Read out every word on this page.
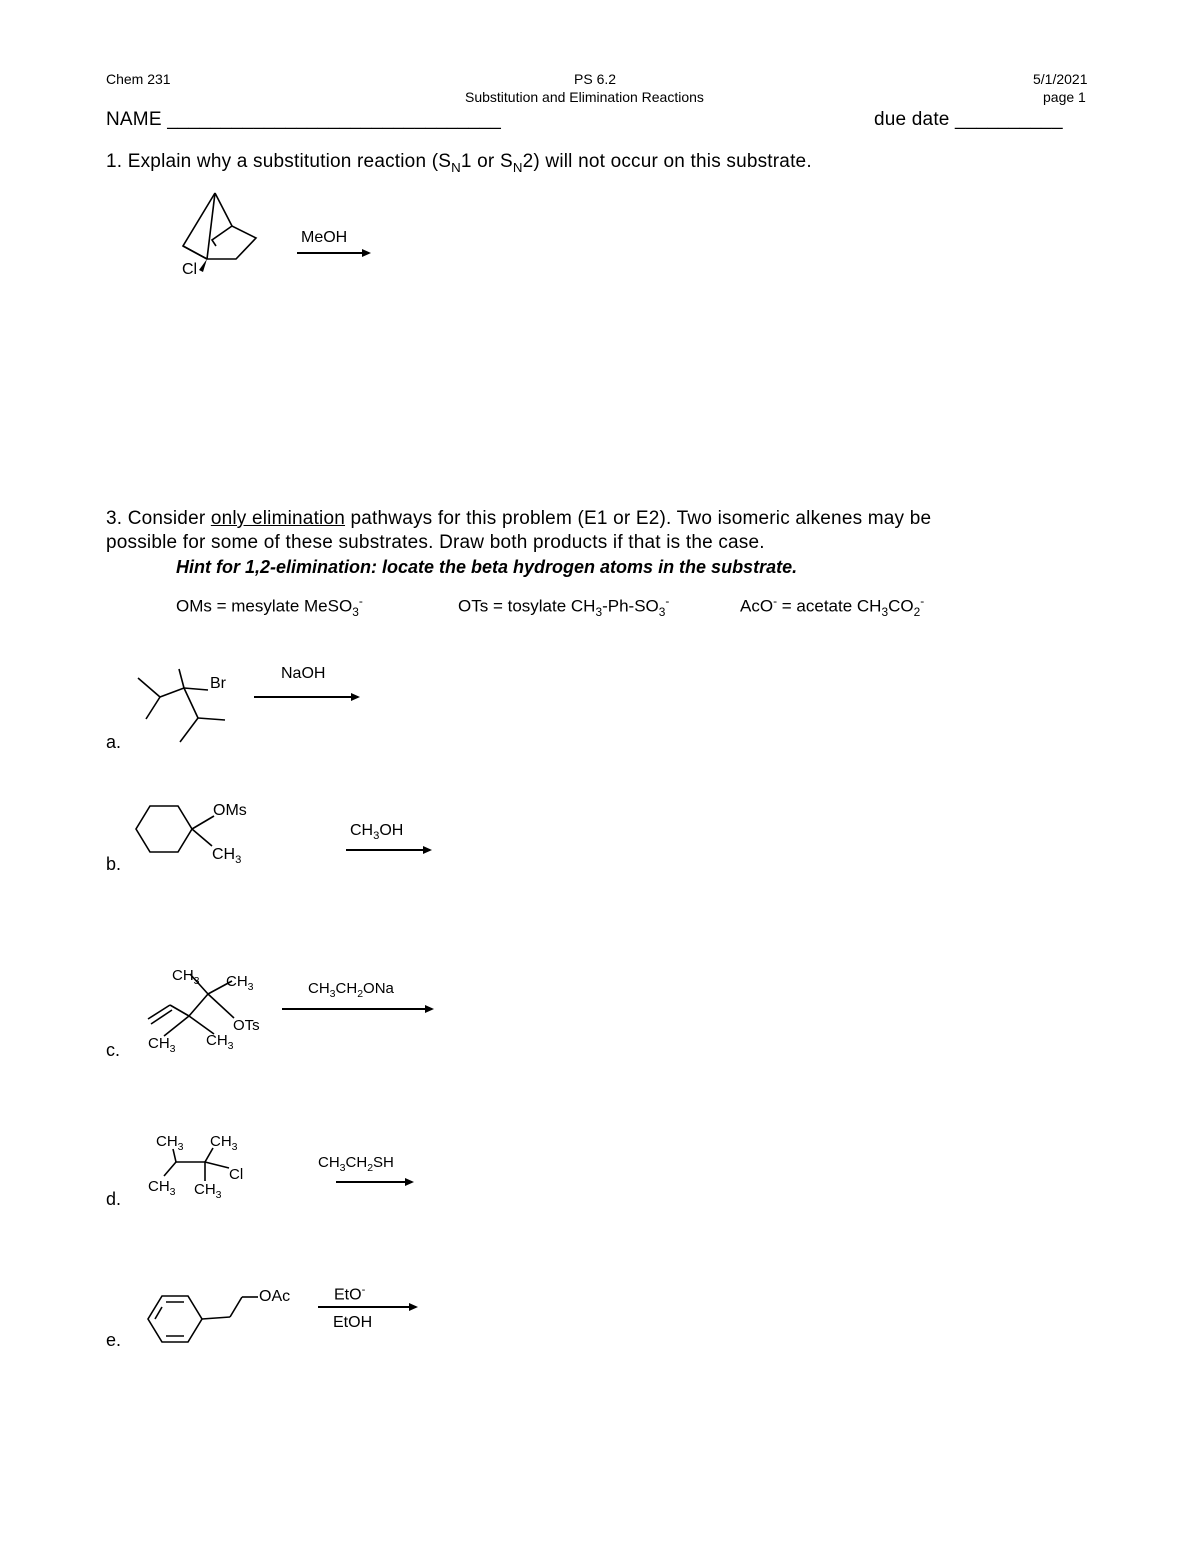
Chem 231	PS 6.2
Substitution and Elimination Reactions
5/1/2021
page 1
NAME _______________________________	due date __________
1. Explain why a substitution reaction ($S_N1$ or $S_N2$) will not occur on this substrate.
Cl
MeOH
3. Consider only elimination pathways for this problem (E1 or E2). Two isomeric alkenes may be
possible for some of these substrates. Draw both products if that is the case.
Hint for 1,2-elimination: locate the beta hydrogen atoms in the substrate.
OMs = mesylate MeSO$_3$-	OTs = tosylate $CH_3-Ph-SO_3^-$	AcO- = acetate $CH_3CO_2^-$
a.
Br
NaOH
b.
OMs
$CH_3$
$CH_3OH$
c.
$CH_3$ $CH_3$
OTs
$CH_3$ $CH_3$
$CH_3CH_2ONa$
d.
$CH_3$ $CH_3$
Cl
$CH_3$ $CH_3$
$CH_3CH_2SH$
e.
OAc	EtO-
EtOH
